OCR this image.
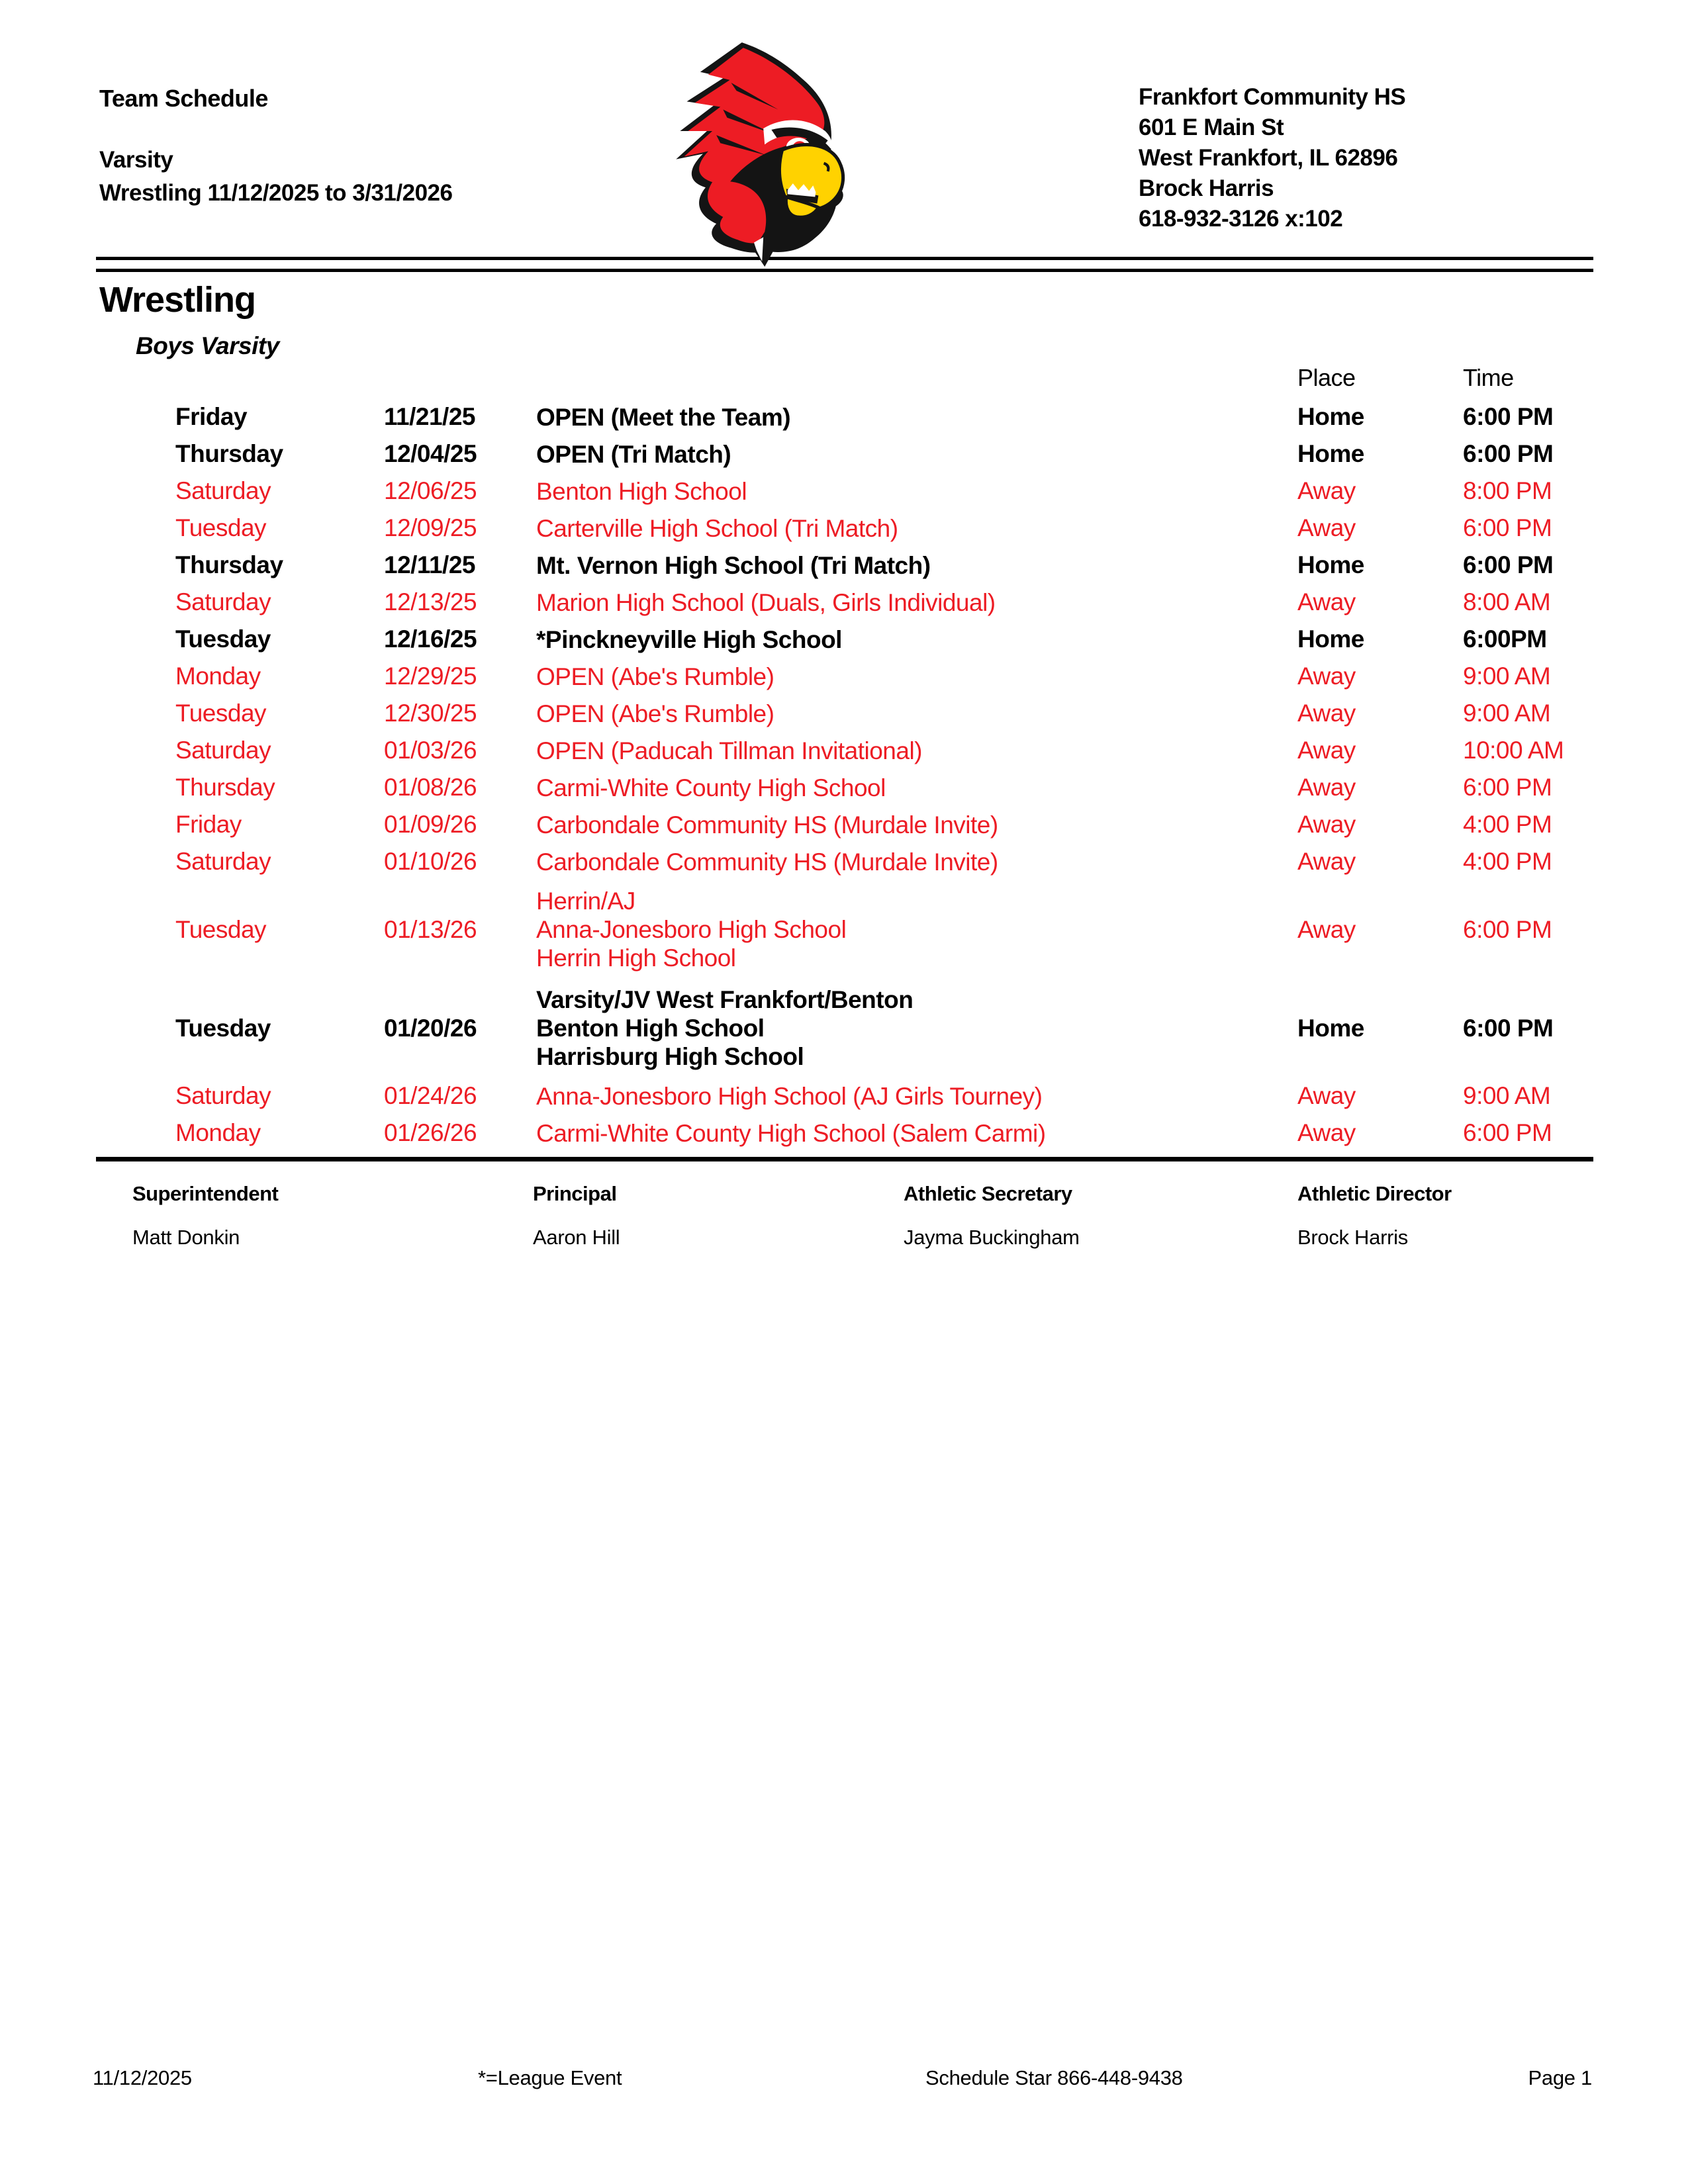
Team Schedule
Varsity
Wrestling 11/12/2025 to 3/31/2026
Frankfort Community HS
601 E Main St
West Frankfort, IL 62896
Brock Harris
618-932-3126 x:102
Wrestling
Boys Varsity
Place	Time
Friday	11/21/25	OPEN (Meet the Team)	Home	6:00 PM
Thursday	12/04/25	OPEN (Tri Match)	Home	6:00 PM
Saturday	12/06/25	Benton High School	Away	8:00 PM
Tuesday	12/09/25	Carterville High School (Tri Match)	Away	6:00 PM
Thursday	12/11/25	Mt. Vernon High School (Tri Match)	Home	6:00 PM
Saturday	12/13/25	Marion High School (Duals, Girls Individual)	Away	8:00 AM
Tuesday	12/16/25	*Pinckneyville High School	Home	6:00PM
Monday	12/29/25	OPEN (Abe's Rumble)	Away	9:00 AM
Tuesday	12/30/25	OPEN (Abe's Rumble)	Away	9:00 AM
Saturday	01/03/26	OPEN (Paducah Tillman Invitational)	Away	10:00 AM
Thursday	01/08/26	Carmi-White County High School	Away	6:00 PM
Friday	01/09/26	Carbondale Community HS (Murdale Invite)	Away	4:00 PM
Saturday	01/10/26	Carbondale Community HS (Murdale Invite)	Away	4:00 PM
Tuesday	01/13/26
Herrin/AJ
Anna-Jonesboro High School
Herrin High School
Away	6:00 PM
Tuesday	01/20/26
Varsity/JV West Frankfort/Benton
Benton High School
Harrisburg High School
Home	6:00 PM
Saturday	01/24/26	Anna-Jonesboro High School (AJ Girls Tourney)	Away	9:00 AM
Monday	01/26/26	Carmi-White County High School (Salem Carmi)	Away	6:00 PM
Superintendent
Matt Donkin
Principal
Aaron Hill
Athletic Secretary
Jayma Buckingham
Athletic Director
Brock Harris
11/12/2025	*=League Event	Schedule Star 866-448-9438	Page 1
